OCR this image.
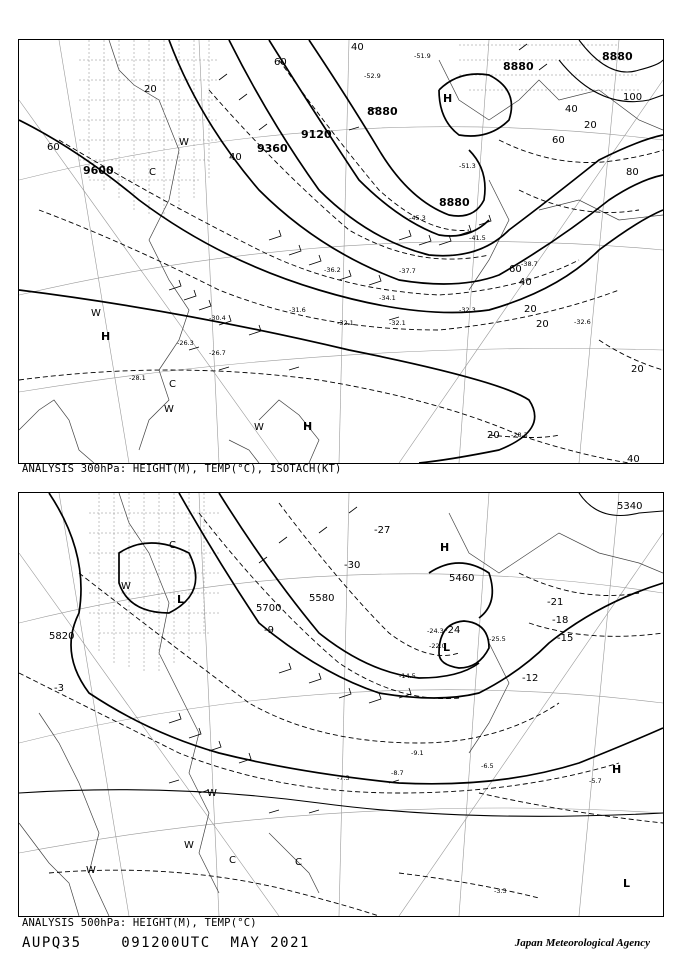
9600
9360
9120
8880
8880
8880
8880
60
20
40
60
40
20
40
60
100
80
60
40
20
20
20
40
20
-34.1
-32.1	-32.1
-30.4
-38.7
-41.5
-45.3
-52.9
-51.9
-51.3
-32.6
-28.3
-28.1
-26.7
-26.3
-32.3
-31.6
-36.2	-37.7
H
H
H
C
C
W
W
W
W
ANALYSIS 300hPa: HEIGHT(M), TEMP(°C), ISOTACH(KT)
5820
5700
5580
5460
5340
-3
-9
-12
-15
-18
-21
-24
-27
-30
-6.5
-8.7
-7.3
-9.1
-5.7
-3.3
-14.5
-22.0
-24.3
-25.5
H
H
L
L
L
C
C	C
W
W
W
W
ANALYSIS 500hPa: HEIGHT(M), TEMP(°C)
AUPQ35	091200UTC MAY 2021	Japan Meteorological Agency
